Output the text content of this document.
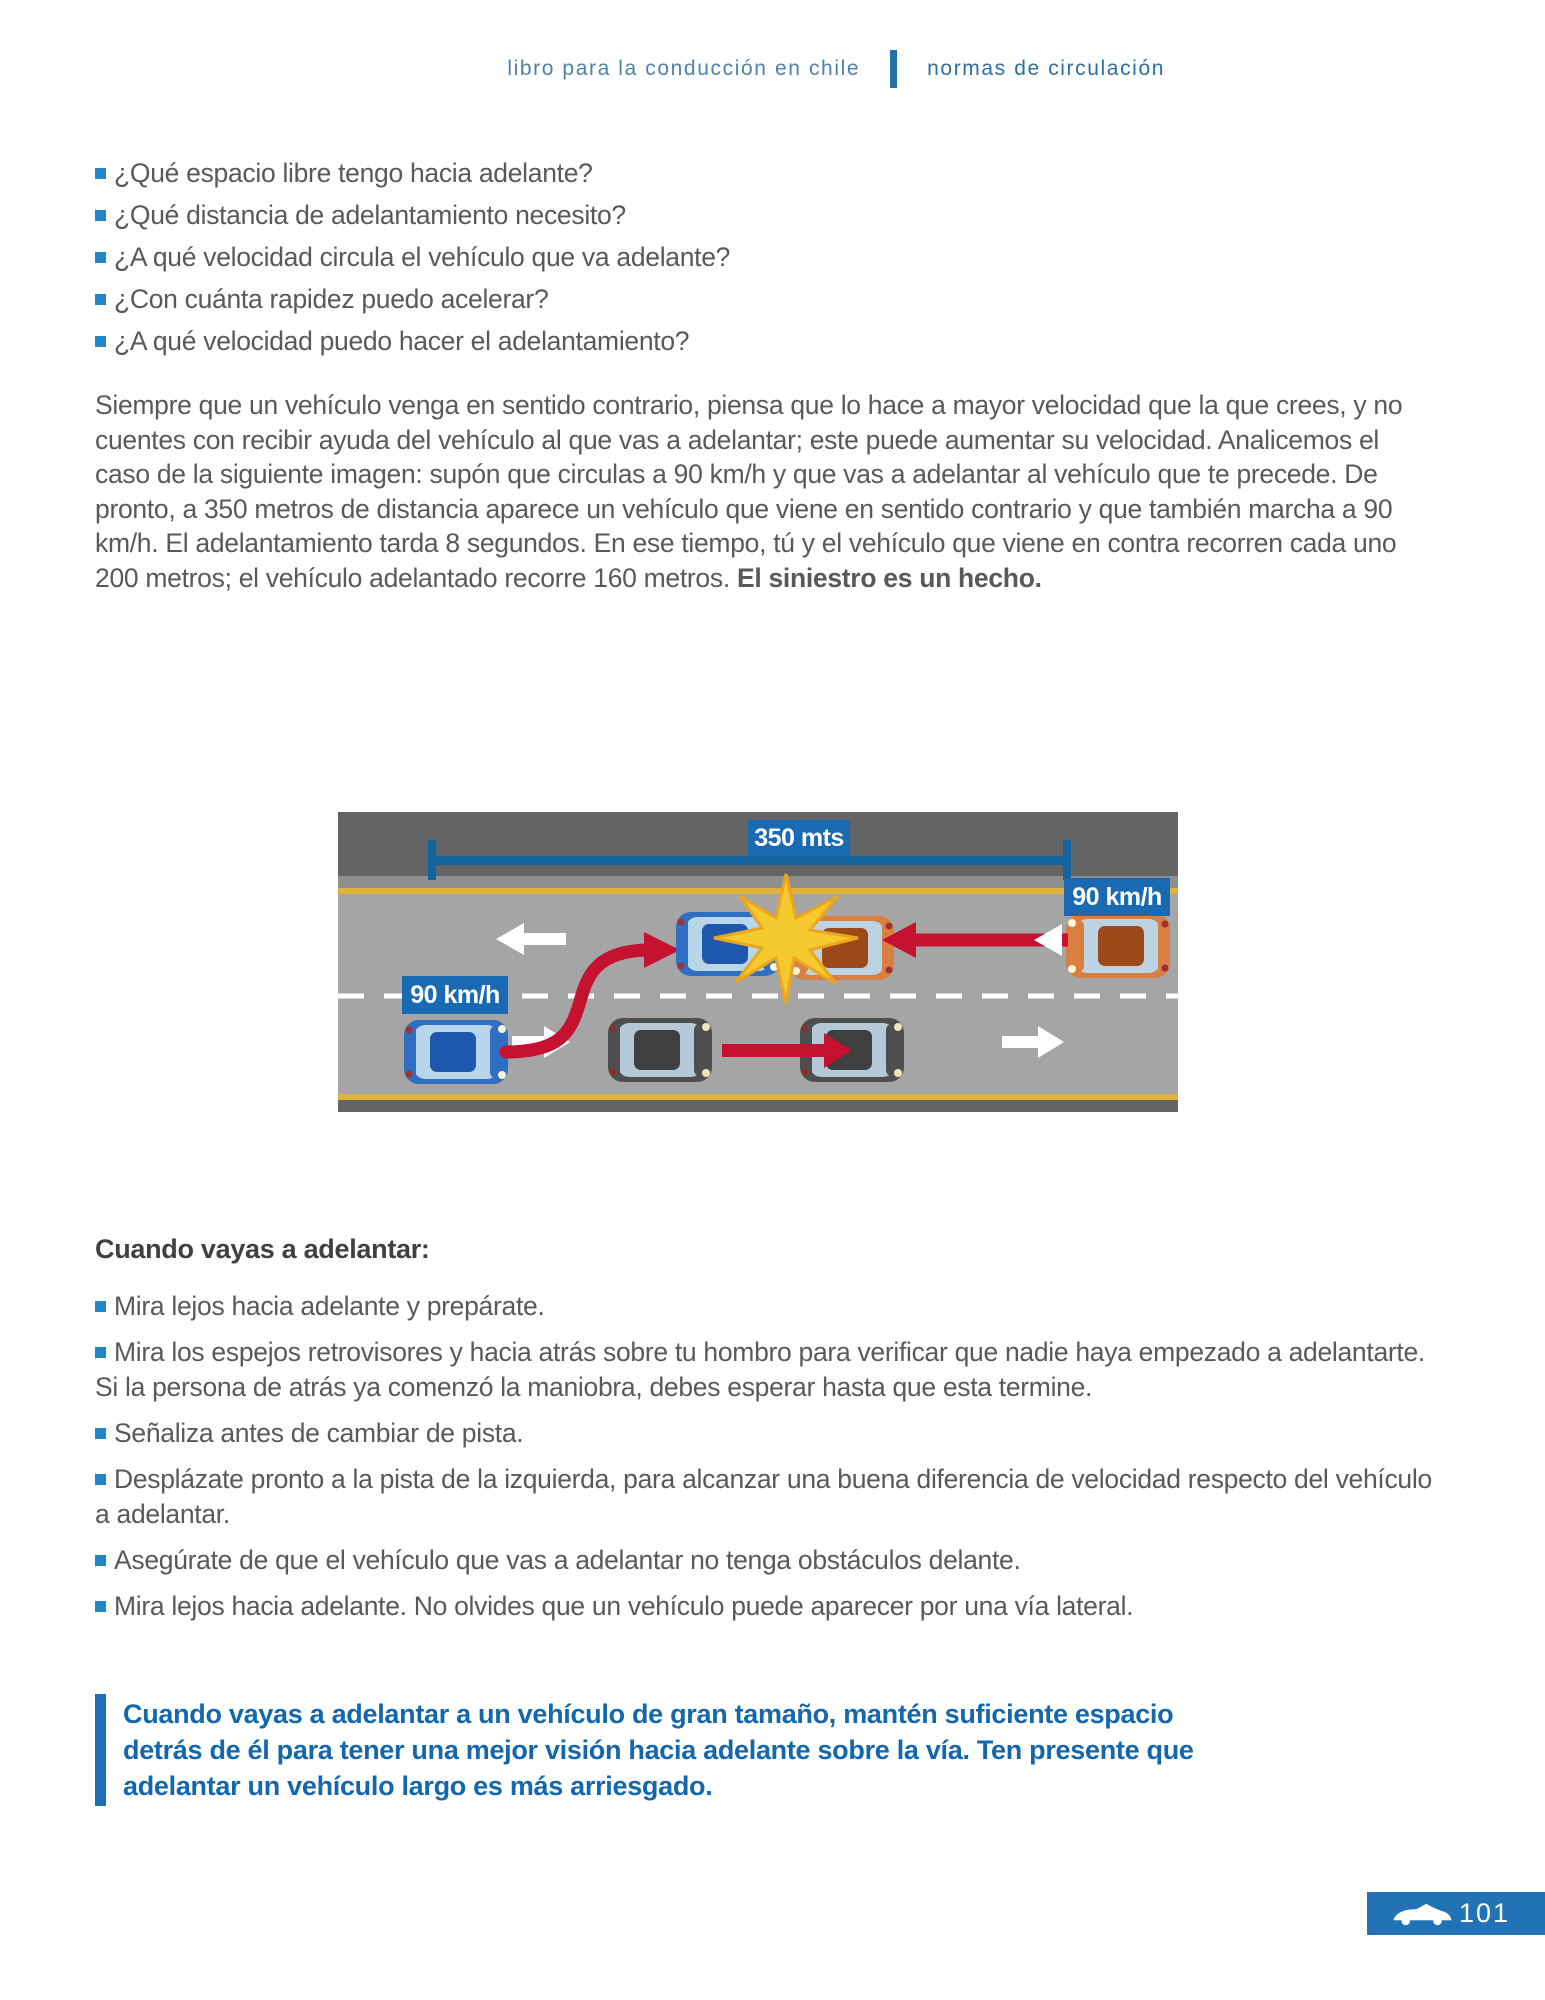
libro para la conducción en chile	normas de circulación
¿Qué espacio libre tengo hacia adelante?
¿Qué distancia de adelantamiento necesito?
¿A qué velocidad circula el vehículo que va adelante?
¿Con cuánta rapidez puedo acelerar?
¿A qué velocidad puedo hacer el adelantamiento?

Siempre que un vehículo venga en sentido contrario, piensa que lo hace a mayor velocidad que la que crees, y no cuentes con recibir ayuda del vehículo al que vas a adelantar; este puede aumentar su velocidad. Analicemos el caso de la siguiente imagen: supón que circulas a 90 km/h y que vas a adelantar al vehículo que te precede. De pronto, a 350 metros de distancia aparece un vehículo que viene en sentido contrario y que también marcha a 90 km/h. El adelantamiento tarda 8 segundos. En ese tiempo, tú y el vehículo que viene en contra recorren cada uno 200 metros; el vehículo adelantado recorre 160 metros. El siniestro es un hecho.

350 mts
90 km/h
90 km/h
Cuando vayas a adelantar:
Mira lejos hacia adelante y prepárate.
Mira los espejos retrovisores y hacia atrás sobre tu hombro para verificar que nadie haya empezado a adelantarte. Si la persona de atrás ya comenzó la maniobra, debes esperar hasta que esta termine.
Señaliza antes de cambiar de pista.
Desplázate pronto a la pista de la izquierda, para alcanzar una buena diferencia de velocidad respecto del vehículo a adelantar.
Asegúrate de que el vehículo que vas a adelantar no tenga obstáculos delante.
Mira lejos hacia adelante. No olvides que un vehículo puede aparecer por una vía lateral.
Cuando vayas a adelantar a un vehículo de gran tamaño, mantén suficiente espacio detrás de él para tener una mejor visión hacia adelante sobre la vía. Ten presente que adelantar un vehículo largo es más arriesgado.
101
